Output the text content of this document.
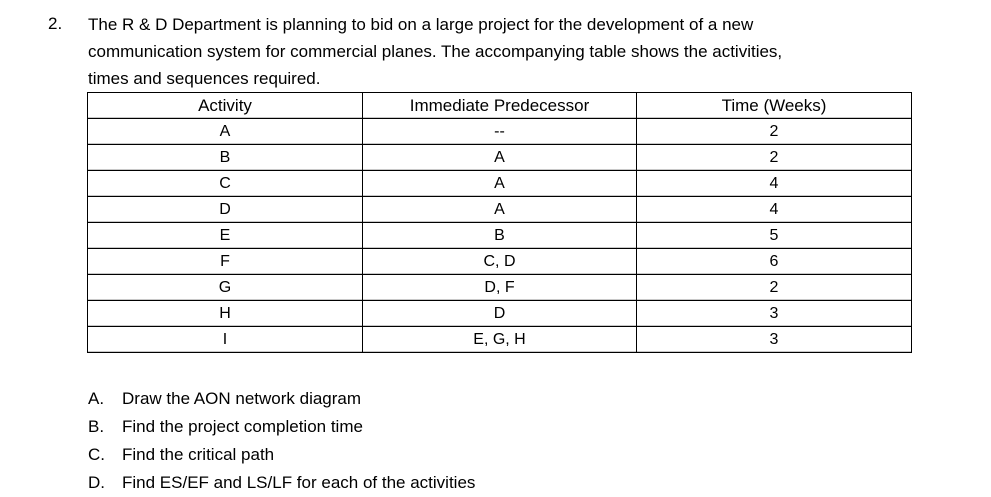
2. The R & D Department is planning to bid on a large project for the development of a new
communication system for commercial planes. The accompanying table shows the activities,
times and sequences required.
Activity	Immediate Predecessor	Time (Weeks)
A	--	2
B	A	2
C	A	4
D	A	4
E	B	5
F	C, D	6
G	D, F	2
H	D	3
I	E, G, H	3
A. Draw the AON network diagram
B. Find the project completion time
C. Find the critical path
D. Find ES/EF and LS/LF for each of the activities
